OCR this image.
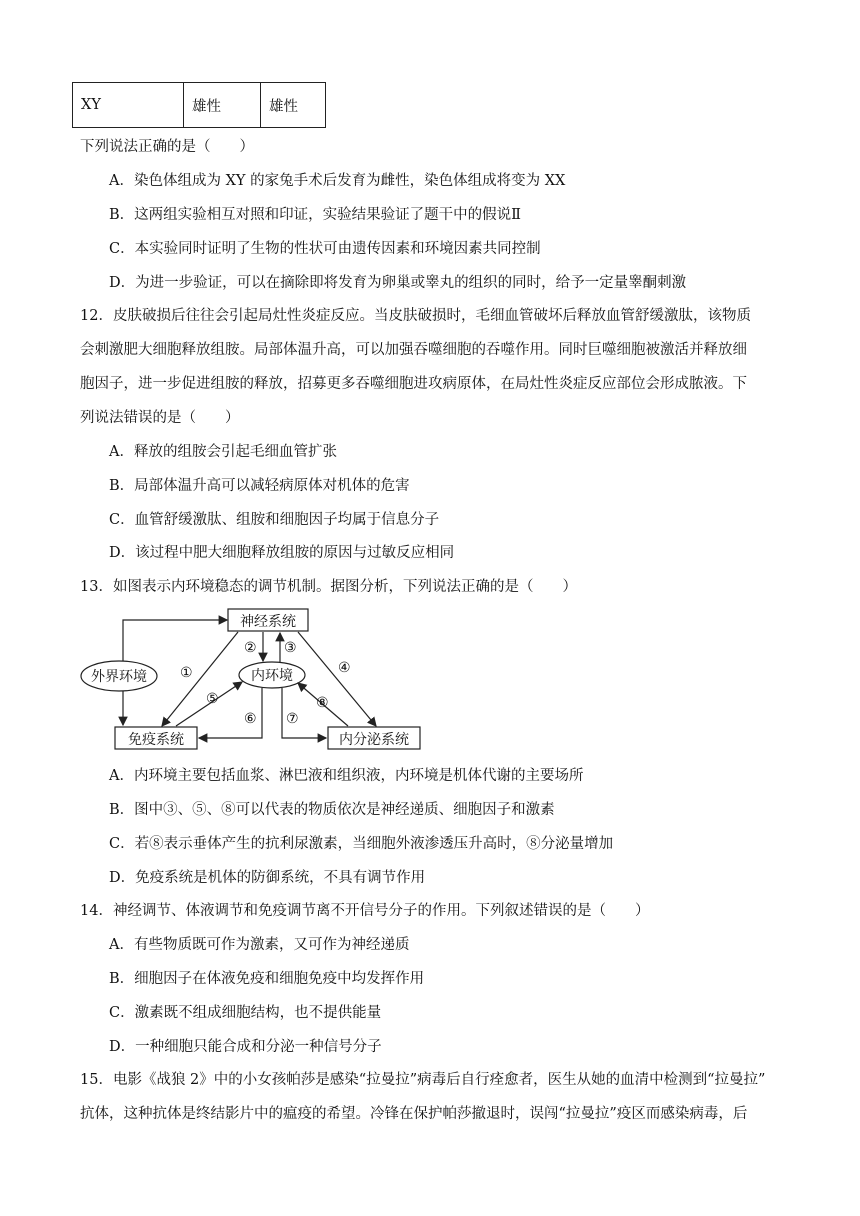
XY	雄性	雄性
下列说法正确的是（　　）
A．染色体组成为 XY 的家兔手术后发育为雌性，染色体组成将变为 XX
B．这两组实验相互对照和印证，实验结果验证了题干中的假说Ⅱ
C．本实验同时证明了生物的性状可由遗传因素和环境因素共同控制
D．为进一步验证，可以在摘除即将发育为卵巢或睾丸的组织的同时，给予一定量睾酮刺激
12．皮肤破损后往往会引起局灶性炎症反应。当皮肤破损时，毛细血管破坏后释放血管舒缓激肽，该物质
会刺激肥大细胞释放组胺。局部体温升高，可以加强吞噬细胞的吞噬作用。同时巨噬细胞被激活并释放细
胞因子，进一步促进组胺的释放，招募更多吞噬细胞进攻病原体，在局灶性炎症反应部位会形成脓液。下
列说法错误的是（　　）
A．释放的组胺会引起毛细血管扩张
B．局部体温升高可以减轻病原体对机体的危害
C．血管舒缓激肽、组胺和细胞因子均属于信息分子
D．该过程中肥大细胞释放组胺的原因与过敏反应相同
13．如图表示内环境稳态的调节机制。据图分析，下列说法正确的是（　　）
神经系统
外界环境	内环境
免疫系统	内分泌系统
①
② ③
④
⑤
⑥ ⑦
⑧
A．内环境主要包括血浆、淋巴液和组织液，内环境是机体代谢的主要场所
B．图中③、⑤、⑧可以代表的物质依次是神经递质、细胞因子和激素
C．若⑧表示垂体产生的抗利尿激素，当细胞外液渗透压升高时，⑧分泌量增加
D．免疫系统是机体的防御系统，不具有调节作用
14．神经调节、体液调节和免疫调节离不开信号分子的作用。下列叙述错误的是（　　）
A．有些物质既可作为激素，又可作为神经递质
B．细胞因子在体液免疫和细胞免疫中均发挥作用
C．激素既不组成细胞结构，也不提供能量
D．一种细胞只能合成和分泌一种信号分子
15．电影《战狼 2》中的小女孩帕莎是感染“拉曼拉”病毒后自行痊愈者，医生从她的血清中检测到“拉曼拉”
抗体，这种抗体是终结影片中的瘟疫的希望。冷锋在保护帕莎撤退时，误闯“拉曼拉”疫区而感染病毒，后
